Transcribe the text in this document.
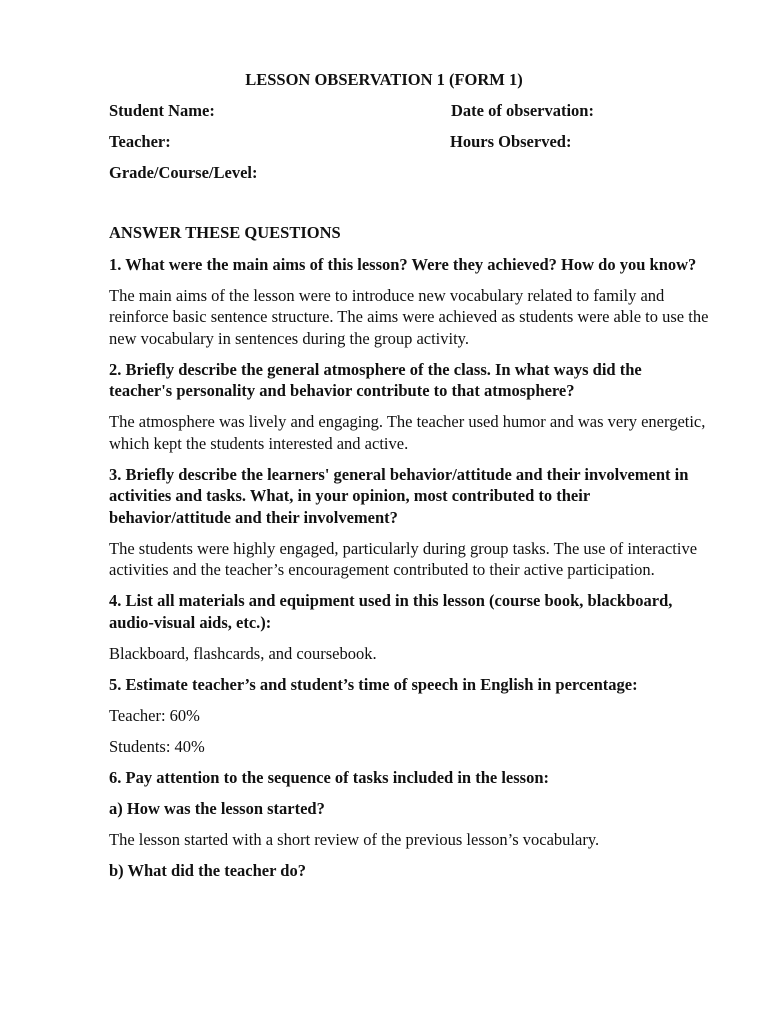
LESSON OBSERVATION 1 (FORM 1)
Student Name:	Date of observation:
Teacher:	Hours Observed:
Grade/Course/Level:

ANSWER THESE QUESTIONS

1. What were the main aims of this lesson? Were they achieved? How do you know?

The main aims of the lesson were to introduce new vocabulary related to family and reinforce basic sentence structure. The aims were achieved as students were able to use the new vocabulary in sentences during the group activity.

2. Briefly describe the general atmosphere of the class. In what ways did the teacher's personality and behavior contribute to that atmosphere?

The atmosphere was lively and engaging. The teacher used humor and was very energetic, which kept the students interested and active.

3. Briefly describe the learners' general behavior/attitude and their involvement in activities and tasks. What, in your opinion, most contributed to their behavior/attitude and their involvement?

The students were highly engaged, particularly during group tasks. The use of interactive activities and the teacher’s encouragement contributed to their active participation.

4. List all materials and equipment used in this lesson (course book, blackboard, audio-visual aids, etc.):

Blackboard, flashcards, and coursebook.

5. Estimate teacher’s and student’s time of speech in English in percentage:

Teacher: 60%

Students: 40%

6. Pay attention to the sequence of tasks included in the lesson:

a) How was the lesson started?

The lesson started with a short review of the previous lesson’s vocabulary.

b) What did the teacher do?
